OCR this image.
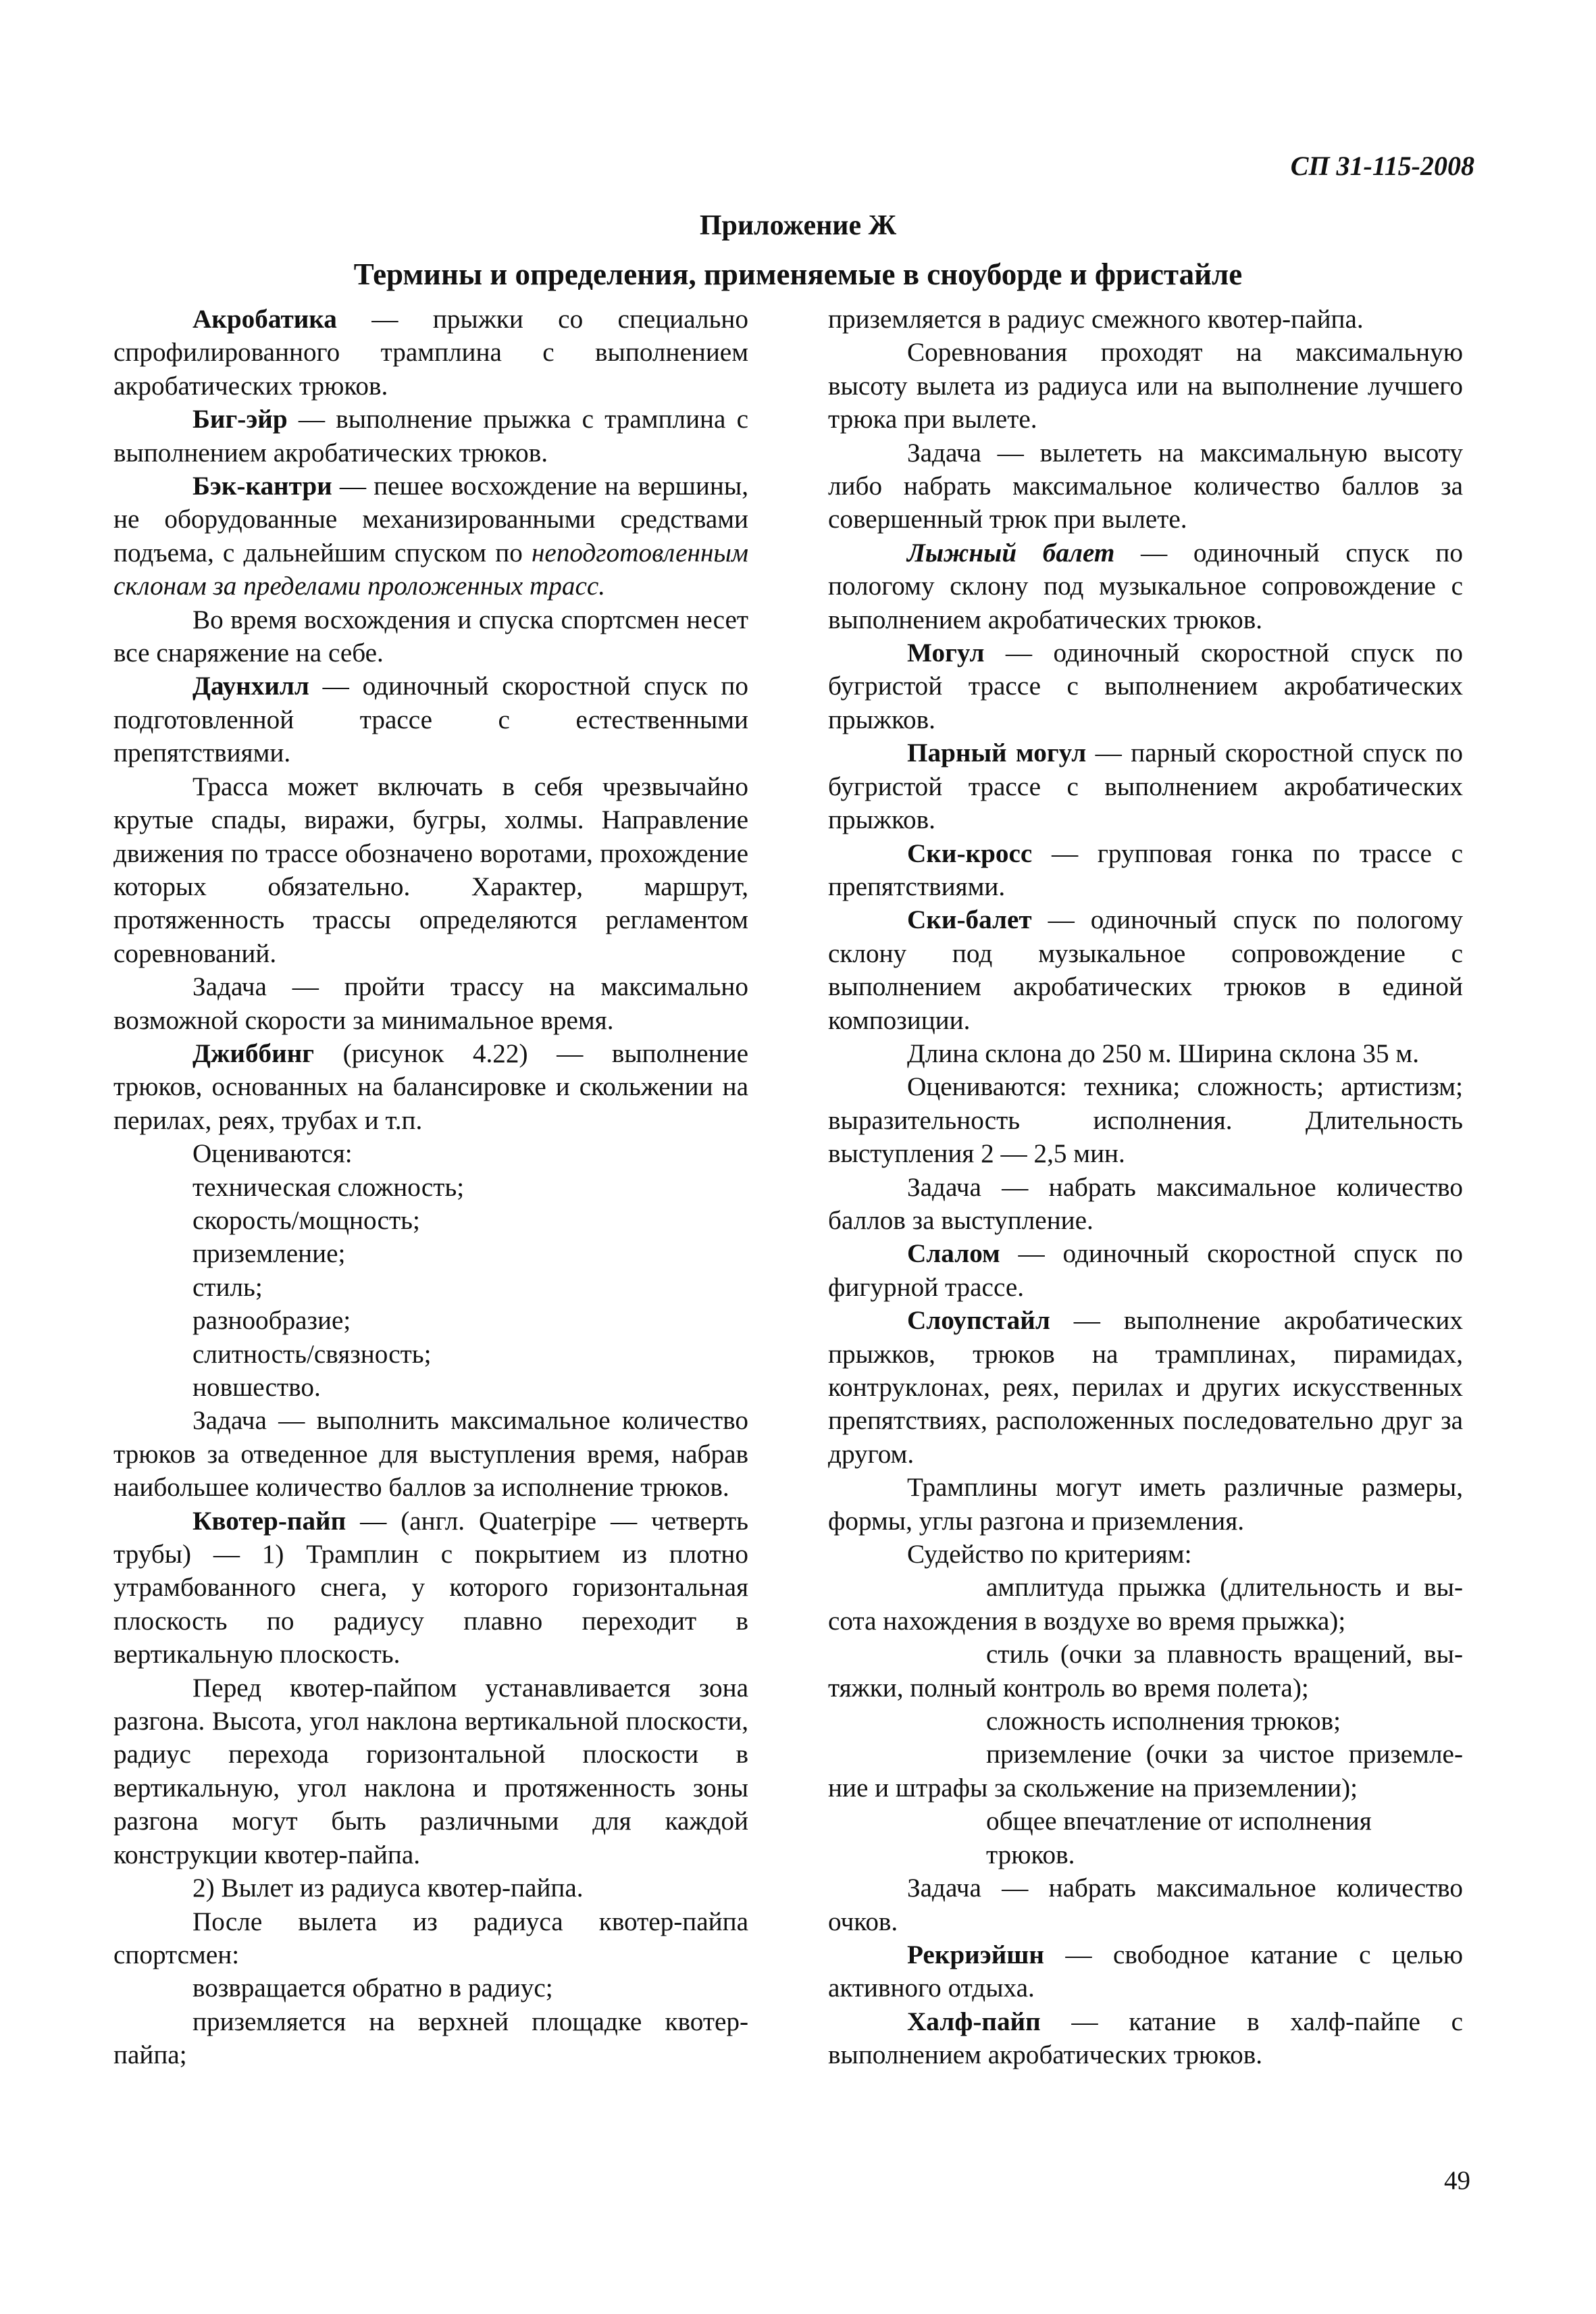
СП 31-115-2008
Приложение Ж
Термины и определения, применяемые в сноуборде и фристайле

Акробатика — прыжки со специально спрофилированного трамплина с выполнением акробатических трюков.

Биг-эйр — выполнение прыжка с трамплина с выполнением акробатических трюков.

Бэк-кантри — пешее восхождение на вершины, не оборудованные механизированными средствами подъема, с дальнейшим спуском по неподготовленным склонам за пределами проложенных трасс.

Во время восхождения и спуска спортсмен несет все снаряжение на себе.

Даунхилл — одиночный скоростной спуск по подготовленной трассе с естественными препятствиями.

Трасса может включать в себя чрезвычайно крутые спады, виражи, бугры, холмы. Направление движения по трассе обозначено воротами, прохождение которых обязательно. Характер, маршрут, протяженность трассы определяются регламентом соревнований.

Задача — пройти трассу на максимально возможной скорости за минимальное время.

Джиббинг (рисунок 4.22) — выполнение трюков, основанных на балансировке и скольжении на перилах, реях, трубах и т.п.

Оцениваются:

техническая сложность;

скорость/мощность;

приземление;

стиль;

разнообразие;

слитность/связность;

новшество.

Задача — выполнить максимальное количество трюков за отведенное для выступления время, набрав наибольшее количество баллов за исполнение трюков.

Квотер-пайп — (англ. Quaterpipe — четверть трубы) — 1) Трамплин с покрытием из плотно утрамбованного снега, у которого горизонтальная плоскость по радиусу плавно переходит в вертикальную плоскость.

Перед квотер-пайпом устанавливается зона разгона. Высота, угол наклона вертикальной плоскости, радиус перехода горизонтальной плоскости в вертикальную, угол наклона и протяженность зоны разгона могут быть различными для каждой конструкции квотер-пайпа.

2) Вылет из радиуса квотер-пайпа.

После вылета из радиуса квотер-пайпа спортсмен:

возвращается обратно в радиус;

приземляется на верхней площадке квотер-пайпа;

приземляется в радиус смежного квотер-пайпа.

Соревнования проходят на максимальную высоту вылета из радиуса или на выполнение лучшего трюка при вылете.

Задача — вылететь на максимальную высоту либо набрать максимальное количество баллов за совершенный трюк при вылете.

Лыжный балет — одиночный спуск по пологому склону под музыкальное сопровождение с выполнением акробатических трюков.

Могул — одиночный скоростной спуск по бугристой трассе с выполнением акробатических прыжков.

Парный могул — парный скоростной спуск по бугристой трассе с выполнением акробатических прыжков.

Ски-кросс — групповая гонка по трассе с препятствиями.

Ски-балет — одиночный спуск по пологому склону под музыкальное сопровождение с выполнением акробатических трюков в единой композиции.

Длина склона до 250 м. Ширина склона 35 м.

Оцениваются: техника; сложность; артистизм; выразительность исполнения. Длительность выступления 2 — 2,5 мин.

Задача — набрать максимальное количество баллов за выступление.

Слалом — одиночный скоростной спуск по фигурной трассе.

Слоупстайл — выполнение акробатических прыжков, трюков на трамплинах, пирамидах, контруклонах, реях, перилах и других искусственных препятствиях, расположенных последовательно друг за другом.

Трамплины могут иметь различные размеры, формы, углы разгона и приземления.

Судейство по критериям:

амплитуда прыжка (длительность и вы- сота нахождения в воздухе во время прыжка);

стиль (очки за плавность вращений, вы- тяжки, полный контроль во время полета);

сложность исполнения трюков;

приземление (очки за чистое приземле- ние и штрафы за скольжение на приземлении);

общее впечатление от исполнения трюков.

Задача — набрать максимальное количество очков.

Рекриэйшн — свободное катание с целью активного отдыха.

Халф-пайп — катание в халф-пайпе с выполнением акробатических трюков.

49
